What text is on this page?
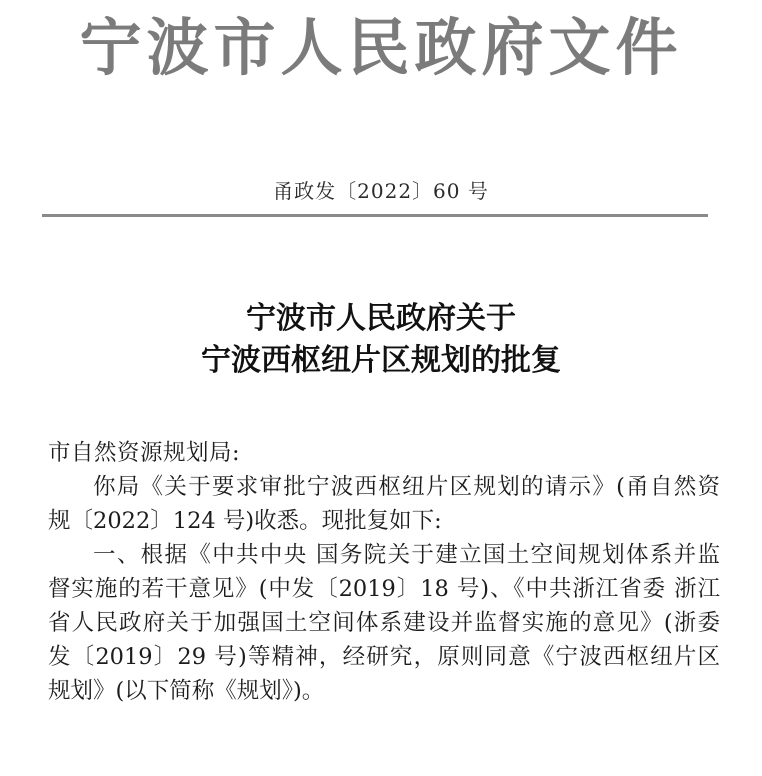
宁波市人民政府文件
甬政发〔2022〕60 号
宁波市人民政府关于
宁波西枢纽片区规划的批复
市自然资源规划局:
你局《关于要求审批宁波西枢纽片区规划的请示》(甬自然资
规〔2022〕124 号)收悉。现批复如下:
一、根据《中共中央 国务院关于建立国土空间规划体系并监
督实施的若干意见》(中发〔2019〕18 号)、《中共浙江省委 浙江
省人民政府关于加强国土空间体系建设并监督实施的意见》(浙委
发〔2019〕29 号)等精神，经研究，原则同意《宁波西枢纽片区
规划》(以下简称《规划》)。
